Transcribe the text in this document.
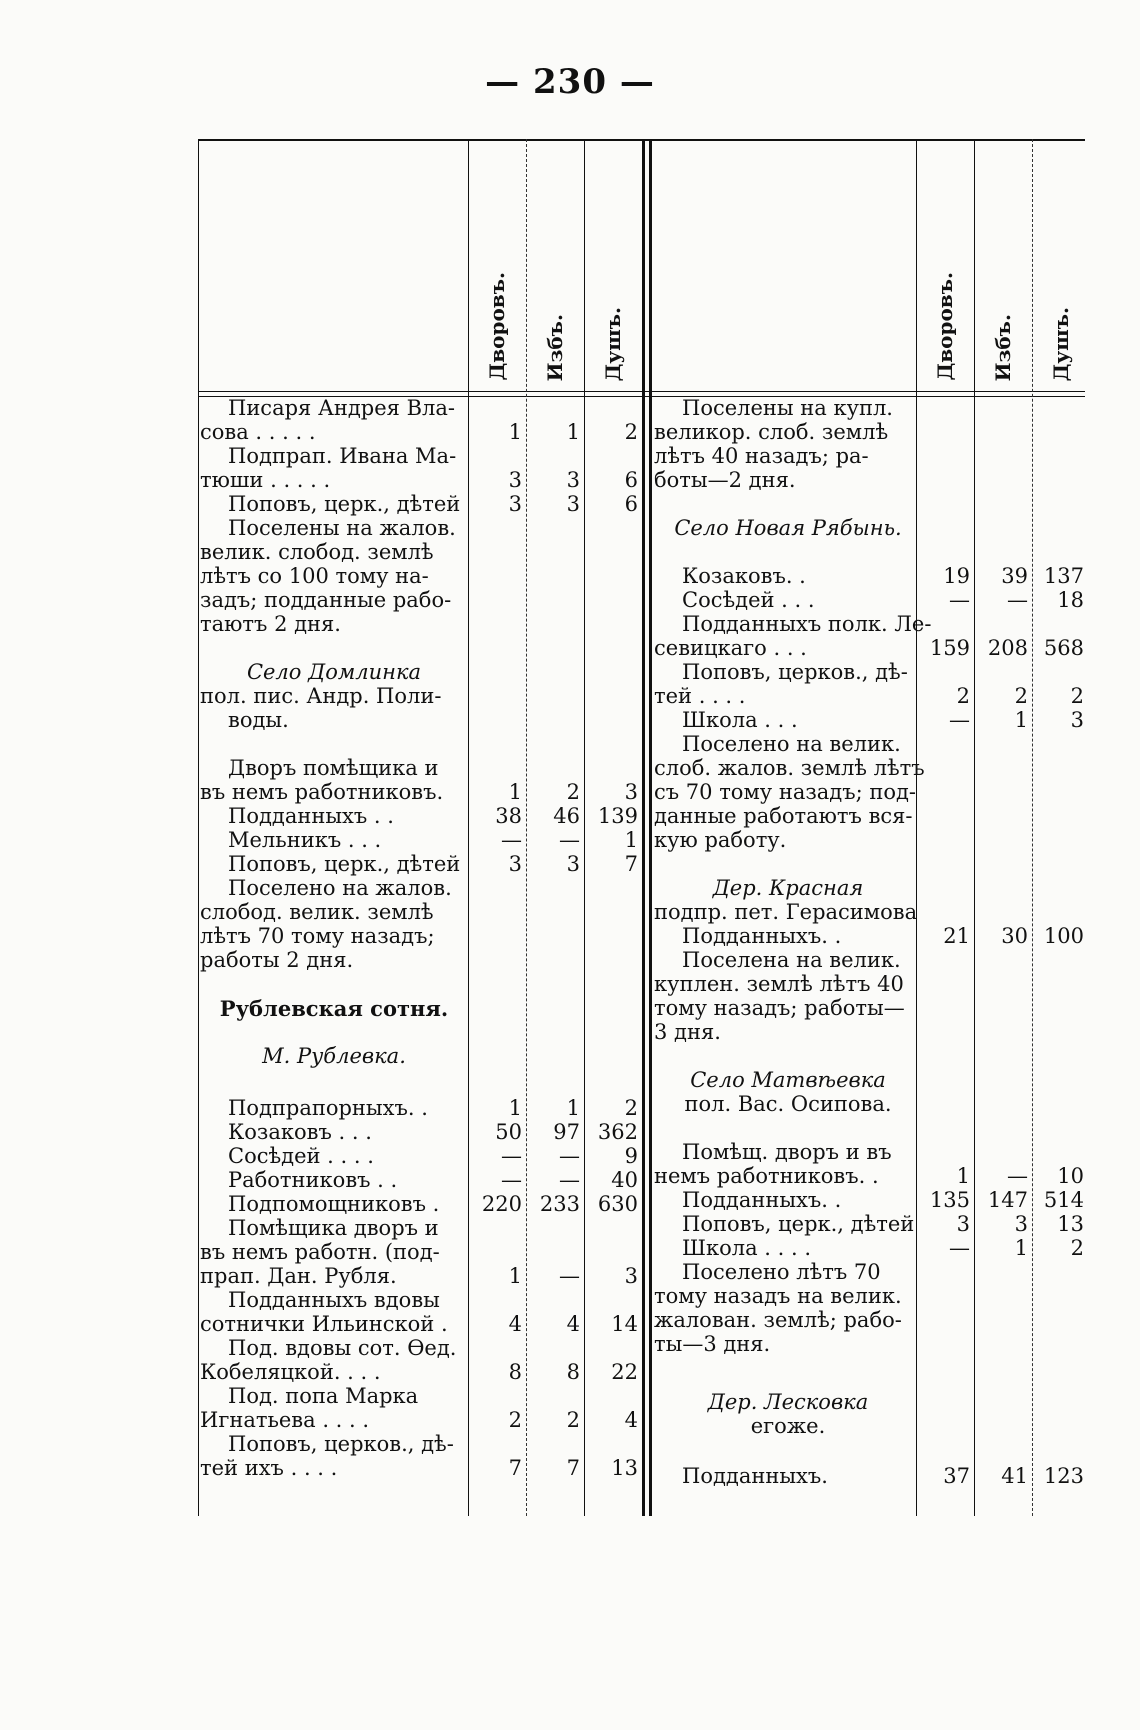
— 230 —
Дворовъ. Избъ. Душъ.	Дворовъ. Избъ. Душъ.
Писаря Андрея Вла-
сова . . . . .	1	1	2
Подпрап. Ивана Ма-
тюши . . . . .	3	3	6
Поповъ, церк., дѣтей	3	3	6
Поселены на жалов.
велик. слобод. землѣ
лѣтъ со 100 тому на-
задъ; подданные рабо-
таютъ 2 дня.
Село Домлинка
пол. пис. Андр. Поли-
воды.
Дворъ помѣщика и
въ немъ работниковъ.	1	2	3
Подданныхъ . .	38	46 139
Мельникъ . . .	—	—	1
Поповъ, церк., дѣтей	3	3	7
Поселено на жалов.
слобод. велик. землѣ
лѣтъ 70 тому назадъ;
работы 2 дня.
Рублевская сотня.
М. Рублевка.
Подпрапорныхъ. .	1	1	2
Козаковъ . . .	50	97 362
Сосѣдей . . . .	—	—	9
Работниковъ . .	—	—	40
Подпомощниковъ .	220 233 630
Помѣщика дворъ и
въ немъ работн. (под-
прап. Дан. Рубля.	1	—	3
Подданныхъ вдовы
сотнички Ильинской .	4	4	14
Под. вдовы сот. Ѳед.
Кобеляцкой. . . .	8	8	22
Под. попа Марка
Игнатьева . . . .	2	2	4
Поповъ, церков., дѣ-
тей ихъ . . . .	7	7	13
Поселены на купл.
великор. слоб. землѣ
лѣтъ 40 назадъ; ра-
боты—2 дня.
Село Новая Рябынь.
Козаковъ. .	19	39 137
Сосѣдей . . .	—	—	18
Подданныхъ полк. Ле-
севицкаго . . .	159 208 568
Поповъ, церков., дѣ-
тей . . . .	2	2	2
Школа . . .	—	1	3
Поселено на велик.
слоб. жалов. землѣ лѣтъ
съ 70 тому назадъ; под-
данные работаютъ вся-
кую работу.
Дер. Красная
подпр. пет. Герасимова
Подданныхъ. .	21	30 100
Поселена на велик.
куплен. землѣ лѣтъ 40
тому назадъ; работы—
3 дня.
Село Матвѣевка
пол. Вас. Осипова.
Помѣщ. дворъ и въ
немъ работниковъ. .	1	—	10
Подданныхъ. .	135 147 514
Поповъ, церк., дѣтей	3	3	13
Школа . . . .	—	1	2
Поселено лѣтъ 70
тому назадъ на велик.
жалован. землѣ; рабо-
ты—3 дня.
Дер. Лесковка
егоже.
Подданныхъ.	37	41 123
